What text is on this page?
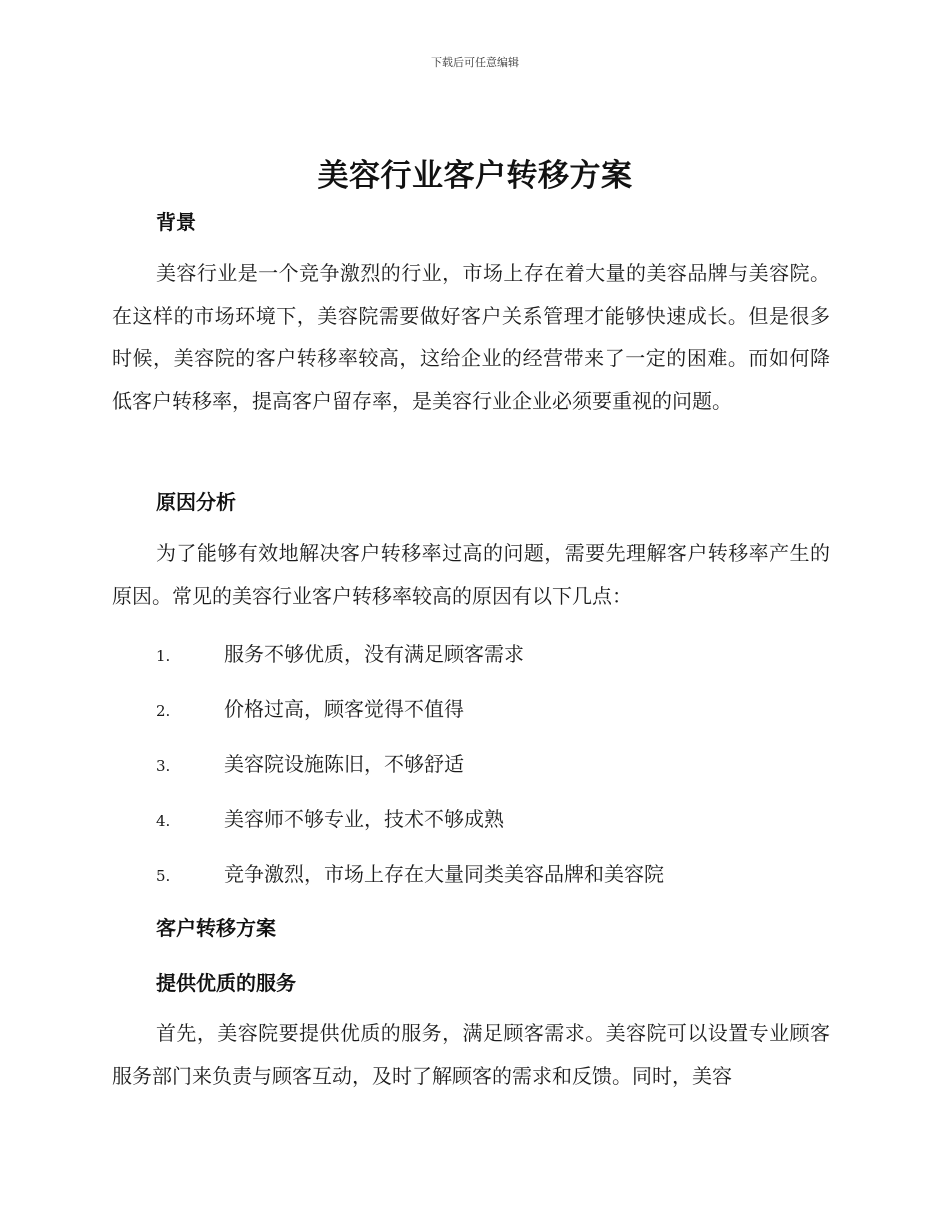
下载后可任意编辑
美容行业客户转移方案
背景
美容行业是一个竞争激烈的行业，市场上存在着大量的美容品牌与美容院。在这样的市场环境下，美容院需要做好客户关系管理才能够快速成长。但是很多时候，美容院的客户转移率较高，这给企业的经营带来了一定的困难。而如何降低客户转移率，提高客户留存率，是美容行业企业必须要重视的问题。
原因分析
为了能够有效地解决客户转移率过高的问题，需要先理解客户转移率产生的原因。常见的美容行业客户转移率较高的原因有以下几点：
1.	服务不够优质，没有满足顾客需求
2.	价格过高，顾客觉得不值得
3.	美容院设施陈旧，不够舒适
4.	美容师不够专业，技术不够成熟
5.	竞争激烈，市场上存在大量同类美容品牌和美容院
客户转移方案
提供优质的服务
首先，美容院要提供优质的服务，满足顾客需求。美容院可以设置专业顾客服务部门来负责与顾客互动，及时了解顾客的需求和反馈。同时，美容
